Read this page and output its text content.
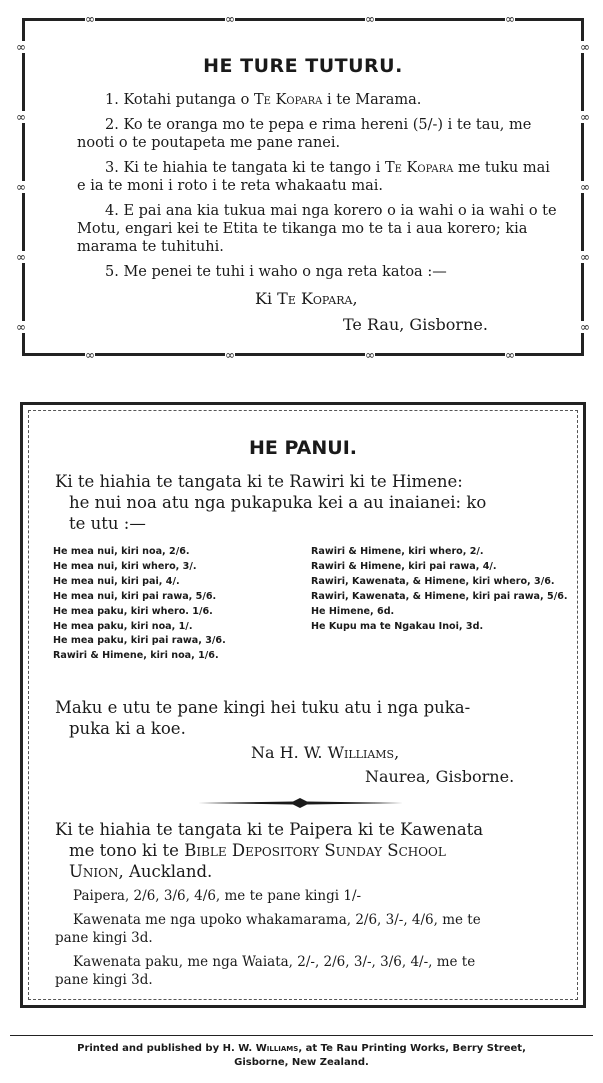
∞
∞
∞
∞
∞
∞
∞
∞
∞
∞
∞	∞	∞	∞
∞	∞	∞	∞
HE TURE TUTURU.

1. Kotahi putanga o Te Kopara i te Marama.

2. Ko te oranga mo te pepa e rima hereni (5/-) i te tau, me nooti o te poutapeta me pane ranei.

3. Ki te hiahia te tangata ki te tango i Te Kopara me tuku mai e ia te moni i roto i te reta whakaatu mai.

4. E pai ana kia tukua mai nga korero o ia wahi o ia wahi o te Motu, engari kei te Etita te tikanga mo te ta i aua korero; kia marama te tuhituhi.

5. Me penei te tuhi i waho o nga reta katoa :—

Ki Te Kopara,
Te Rau, Gisborne.
HE PANUI.
Ki te hiahia te tangata ki te Rawiri ki te Himene:
he nui noa atu nga pukapuka kei a au inaianei: ko
te utu :—
He mea nui, kiri noa, 2/6.
He mea nui, kiri whero, 3/.
He mea nui, kiri pai, 4/.
He mea nui, kiri pai rawa, 5/6.
He mea paku, kiri whero. 1/6.
He mea paku, kiri noa, 1/.
He mea paku, kiri pai rawa, 3/6.
Rawiri & Himene, kiri noa, 1/6.
Rawiri & Himene, kiri whero, 2/.
Rawiri & Himene, kiri pai rawa, 4/.
Rawiri, Kawenata, & Himene, kiri whero, 3/6.
Rawiri, Kawenata, & Himene, kiri pai rawa, 5/6.
He Himene, 6d.
He Kupu ma te Ngakau Inoi, 3d.
Maku e utu te pane kingi hei tuku atu i nga puka-
puka ki a koe.
Na H. W. Williams,
Naurea, Gisborne.
Ki te hiahia te tangata ki te Paipera ki te Kawenata
me tono ki te Bible Depository Sunday School
Union, Auckland.
Paipera, 2/6, 3/6, 4/6, me te pane kingi 1/-
Kawenata me nga upoko whakamarama, 2/6, 3/-, 4/6, me te
pane kingi 3d.
Kawenata paku, me nga Waiata, 2/-, 2/6, 3/-, 3/6, 4/-, me te
pane kingi 3d.
Printed and published by H. W. Williams, at Te Rau Printing Works, Berry Street,
Gisborne, New Zealand.
